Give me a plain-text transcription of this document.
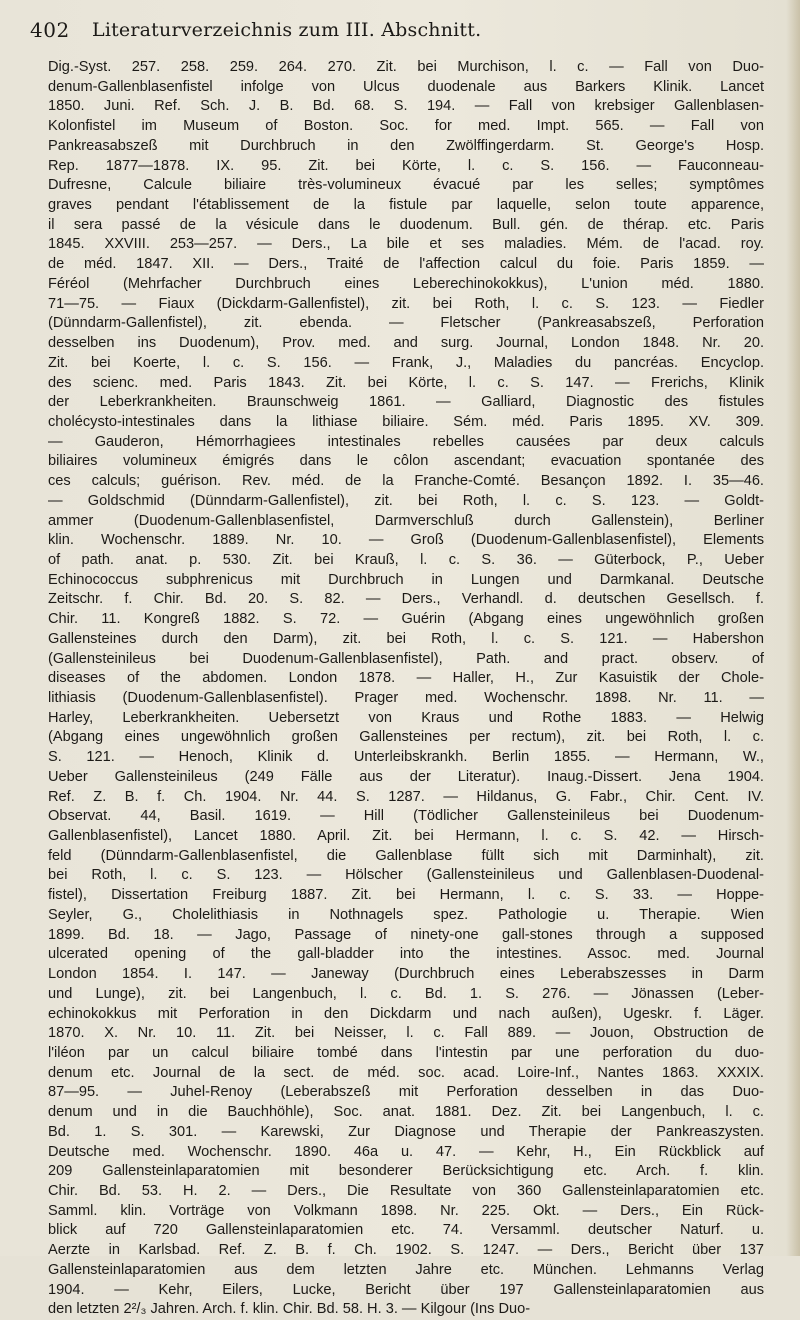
402 Literaturverzeichnis zum III. Abschnitt.
Dig.-Syst. 257. 258. 259. 264. 270. Zit. bei Murchison, l. c. — Fall von Duo-
denum-Gallenblasenfistel infolge von Ulcus duodenale aus Barkers Klinik. Lancet
1850. Juni. Ref. Sch. J. B. Bd. 68. S. 194. — Fall von krebsiger Gallenblasen-
Kolonfistel im Museum of Boston. Soc. for med. Impt. 565. — Fall von
Pankreasabszeß mit Durchbruch in den Zwölffingerdarm. St. George's Hosp.
Rep. 1877—1878. IX. 95. Zit. bei Körte, l. c. S. 156. — Fauconneau-
Dufresne, Calcule biliaire très-volumineux évacué par les selles; symptômes
graves pendant l'établissement de la fistule par laquelle, selon toute apparence,
il sera passé de la vésicule dans le duodenum. Bull. gén. de thérap. etc. Paris
1845. XXVIII. 253—257. — Ders., La bile et ses maladies. Mém. de l'acad. roy.
de méd. 1847. XII. — Ders., Traité de l'affection calcul du foie. Paris 1859. —
Féréol (Mehrfacher Durchbruch eines Leberechinokokkus), L'union méd. 1880.
71—75. — Fiaux (Dickdarm-Gallenfistel), zit. bei Roth, l. c. S. 123. — Fiedler
(Dünndarm-Gallenfistel), zit. ebenda. — Fletscher (Pankreasabszeß, Perforation
desselben ins Duodenum), Prov. med. and surg. Journal, London 1848. Nr. 20.
Zit. bei Koerte, l. c. S. 156. — Frank, J., Maladies du pancréas. Encyclop.
des scienc. med. Paris 1843. Zit. bei Körte, l. c. S. 147. — Frerichs, Klinik
der Leberkrankheiten. Braunschweig 1861. — Galliard, Diagnostic des fistules
cholécysto-intestinales dans la lithiase biliaire. Sém. méd. Paris 1895. XV. 309.
— Gauderon, Hémorrhagiees intestinales rebelles causées par deux calculs
biliaires volumineux émigrés dans le côlon ascendant; evacuation spontanée des
ces calculs; guérison. Rev. méd. de la Franche-Comté. Besançon 1892. I. 35—46.
— Goldschmid (Dünndarm-Gallenfistel), zit. bei Roth, l. c. S. 123. — Goldt-
ammer (Duodenum-Gallenblasenfistel, Darmverschluß durch Gallenstein), Berliner
klin. Wochenschr. 1889. Nr. 10. — Groß (Duodenum-Gallenblasenfistel), Elements
of path. anat. p. 530. Zit. bei Krauß, l. c. S. 36. — Güterbock, P., Ueber
Echinococcus subphrenicus mit Durchbruch in Lungen und Darmkanal. Deutsche
Zeitschr. f. Chir. Bd. 20. S. 82. — Ders., Verhandl. d. deutschen Gesellsch. f.
Chir. 11. Kongreß 1882. S. 72. — Guérin (Abgang eines ungewöhnlich großen
Gallensteines durch den Darm), zit. bei Roth, l. c. S. 121. — Habershon
(Gallensteinileus bei Duodenum-Gallenblasenfistel), Path. and pract. observ. of
diseases of the abdomen. London 1878. — Haller, H., Zur Kasuistik der Chole-
lithiasis (Duodenum-Gallenblasenfistel). Prager med. Wochenschr. 1898. Nr. 11. —
Harley, Leberkrankheiten. Uebersetzt von Kraus und Rothe 1883. — Helwig
(Abgang eines ungewöhnlich großen Gallensteines per rectum), zit. bei Roth, l. c.
S. 121. — Henoch, Klinik d. Unterleibskrankh. Berlin 1855. — Hermann, W.,
Ueber Gallensteinileus (249 Fälle aus der Literatur). Inaug.-Dissert. Jena 1904.
Ref. Z. B. f. Ch. 1904. Nr. 44. S. 1287. — Hildanus, G. Fabr., Chir. Cent. IV.
Observat. 44, Basil. 1619. — Hill (Tödlicher Gallensteinileus bei Duodenum-
Gallenblasenfistel), Lancet 1880. April. Zit. bei Hermann, l. c. S. 42. — Hirsch-
feld (Dünndarm-Gallenblasenfistel, die Gallenblase füllt sich mit Darminhalt), zit.
bei Roth, l. c. S. 123. — Hölscher (Gallensteinileus und Gallenblasen-Duodenal-
fistel), Dissertation Freiburg 1887. Zit. bei Hermann, l. c. S. 33. — Hoppe-
Seyler, G., Cholelithiasis in Nothnagels spez. Pathologie u. Therapie. Wien
1899. Bd. 18. — Jago, Passage of ninety-one gall-stones through a supposed
ulcerated opening of the gall-bladder into the intestines. Assoc. med. Journal
London 1854. I. 147. — Janeway (Durchbruch eines Leberabszesses in Darm
und Lunge), zit. bei Langenbuch, l. c. Bd. 1. S. 276. — Jönassen (Leber-
echinokokkus mit Perforation in den Dickdarm und nach außen), Ugeskr. f. Läger.
1870. X. Nr. 10. 11. Zit. bei Neisser, l. c. Fall 889. — Jouon, Obstruction de
l'iléon par un calcul biliaire tombé dans l'intestin par une perforation du duo-
denum etc. Journal de la sect. de méd. soc. acad. Loire-Inf., Nantes 1863. XXXIX.
87—95. — Juhel-Renoy (Leberabszeß mit Perforation desselben in das Duo-
denum und in die Bauchhöhle), Soc. anat. 1881. Dez. Zit. bei Langenbuch, l. c.
Bd. 1. S. 301. — Karewski, Zur Diagnose und Therapie der Pankreaszysten.
Deutsche med. Wochenschr. 1890. 46a u. 47. — Kehr, H., Ein Rückblick auf
209 Gallensteinlaparatomien mit besonderer Berücksichtigung etc. Arch. f. klin.
Chir. Bd. 53. H. 2. — Ders., Die Resultate von 360 Gallensteinlaparatomien etc.
Samml. klin. Vorträge von Volkmann 1898. Nr. 225. Okt. — Ders., Ein Rück-
blick auf 720 Gallensteinlaparatomien etc. 74. Versamml. deutscher Naturf. u.
Aerzte in Karlsbad. Ref. Z. B. f. Ch. 1902. S. 1247. — Ders., Bericht über 137
Gallensteinlaparatomien aus dem letzten Jahre etc. München. Lehmanns Verlag
1904. — Kehr, Eilers, Lucke, Bericht über 197 Gallensteinlaparatomien aus
den letzten 2²/₃ Jahren. Arch. f. klin. Chir. Bd. 58. H. 3. — Kilgour (Ins Duo-
